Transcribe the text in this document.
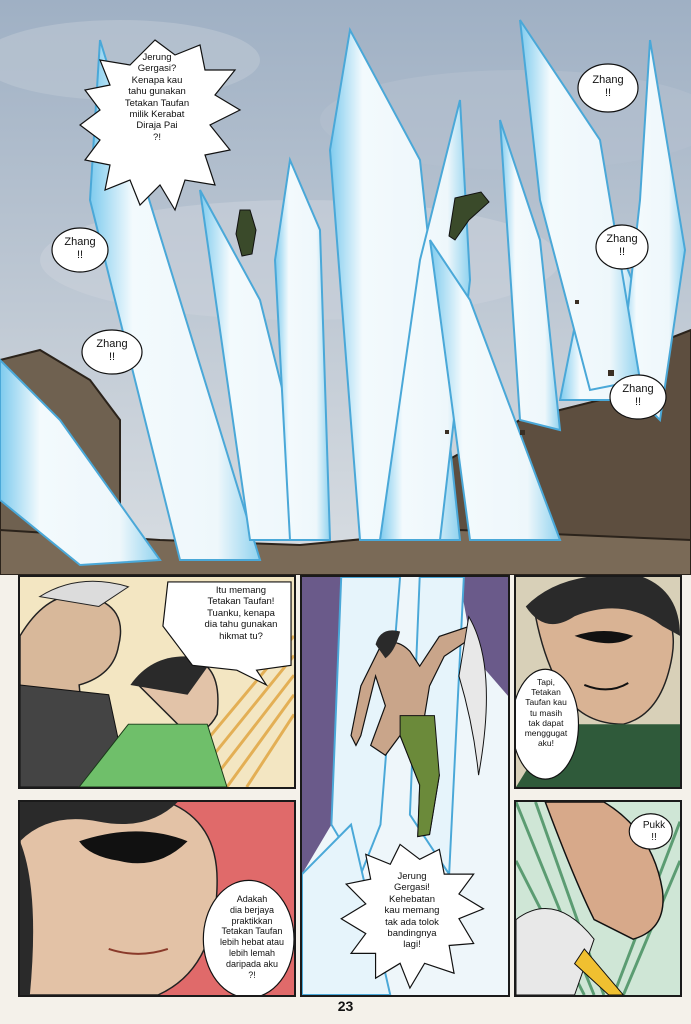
Jerung
Gergasi?
Kenapa kau
tahu gunakan
Tetakan Taufan
milik Kerabat
Diraja Pai
?!
Zhang
!!
Zhang
!!
Zhang
!!
Zhang
!!
Zhang
!!
Itu memang
Tetakan Taufan!
Tuanku, kenapa
dia tahu gunakan
hikmat tu?
Jerung
Gergasi!
Kehebatan
kau memang
tak ada tolok
bandingnya
lagi!
Tapi,
Tetakan
Taufan kau
tu masih
tak dapat
menggugat
aku!
Adakah
dia berjaya
praktikkan
Tetakan Taufan
lebih hebat atau
lebih lemah
daripada aku
?!
Pukk
!!
23
